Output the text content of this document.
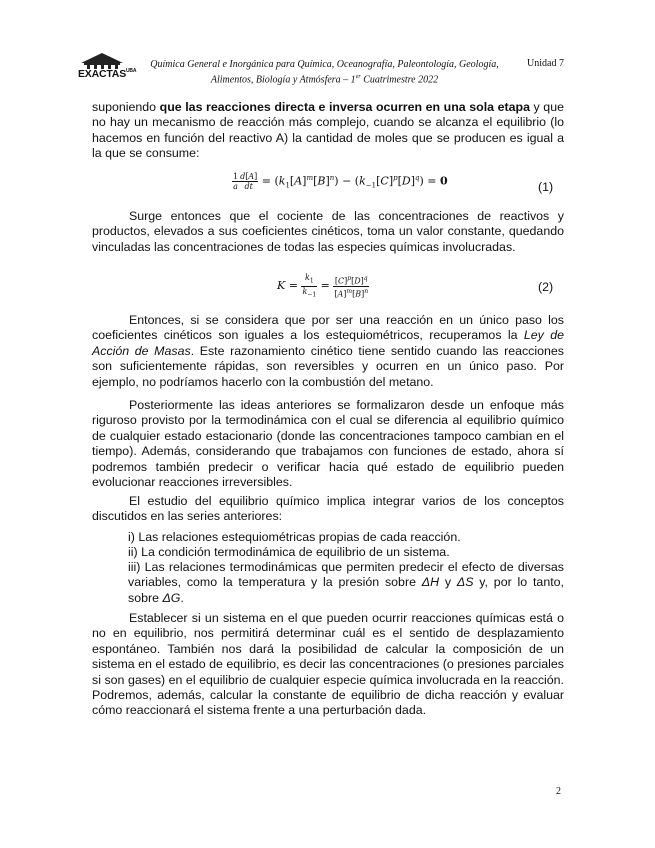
$EXACTAS^{UBA}$
Química General e Inorgánica para Química, Oceanografía, Paleontología, Geología,
Alimentos, Biología y Atmósfera – 1er Cuatrimestre 2022
Unidad 7

suponiendo que las reacciones directa e inversa ocurren en una sola etapa y que no hay un mecanismo de reacción más complejo, cuando se alcanza el equilibrio (lo hacemos en función del reactivo A) la cantidad de moles que se producen es igual a la que se consume:

$\frac{1}{a} \frac{d[A]}{dt} = (k_1[A]^m[B]^n) - (k_{-1}[C]^p[D]^q) = 0$	(1)

Surge entonces que el cociente de las concentraciones de reactivos y productos, elevados a sus coeficientes cinéticos, toma un valor constante, quedando vinculadas las concentraciones de todas las especies químicas involucradas.

$K = \frac{k_1}{k_{-1}} = \frac{[C]^p[D]^q}{[A]^m[B]^n}$	(2)

Entonces, si se considera que por ser una reacción en un único paso los coeficientes cinéticos son iguales a los estequiométricos, recuperamos la Ley de Acción de Masas. Este razonamiento cinético tiene sentido cuando las reacciones son suficientemente rápidas, son reversibles y ocurren en un único paso. Por ejemplo, no podríamos hacerlo con la combustión del metano.

Posteriormente las ideas anteriores se formalizaron desde un enfoque más riguroso provisto por la termodinámica con el cual se diferencia al equilibrio químico de cualquier estado estacionario (donde las concentraciones tampoco cambian en el tiempo). Además, considerando que trabajamos con funciones de estado, ahora sí podremos también predecir o verificar hacia qué estado de equilibrio pueden evolucionar reacciones irreversibles.

El estudio del equilibrio químico implica integrar varios de los conceptos discutidos en las series anteriores:

i) Las relaciones estequiométricas propias de cada reacción.

ii) La condición termodinámica de equilibrio de un sistema.

iii) Las relaciones termodinámicas que permiten predecir el efecto de diversas variables, como la temperatura y la presión sobre ΔH y ΔS y, por lo tanto, sobre ΔG.

Establecer si un sistema en el que pueden ocurrir reacciones químicas está o no en equilibrio, nos permitirá determinar cuál es el sentido de desplazamiento espontáneo. También nos dará la posibilidad de calcular la composición de un sistema en el estado de equilibrio, es decir las concentraciones (o presiones parciales si son gases) en el equilibrio de cualquier especie química involucrada en la reacción. Podremos, además, calcular la constante de equilibrio de dicha reacción y evaluar cómo reaccionará el sistema frente a una perturbación dada.

2
